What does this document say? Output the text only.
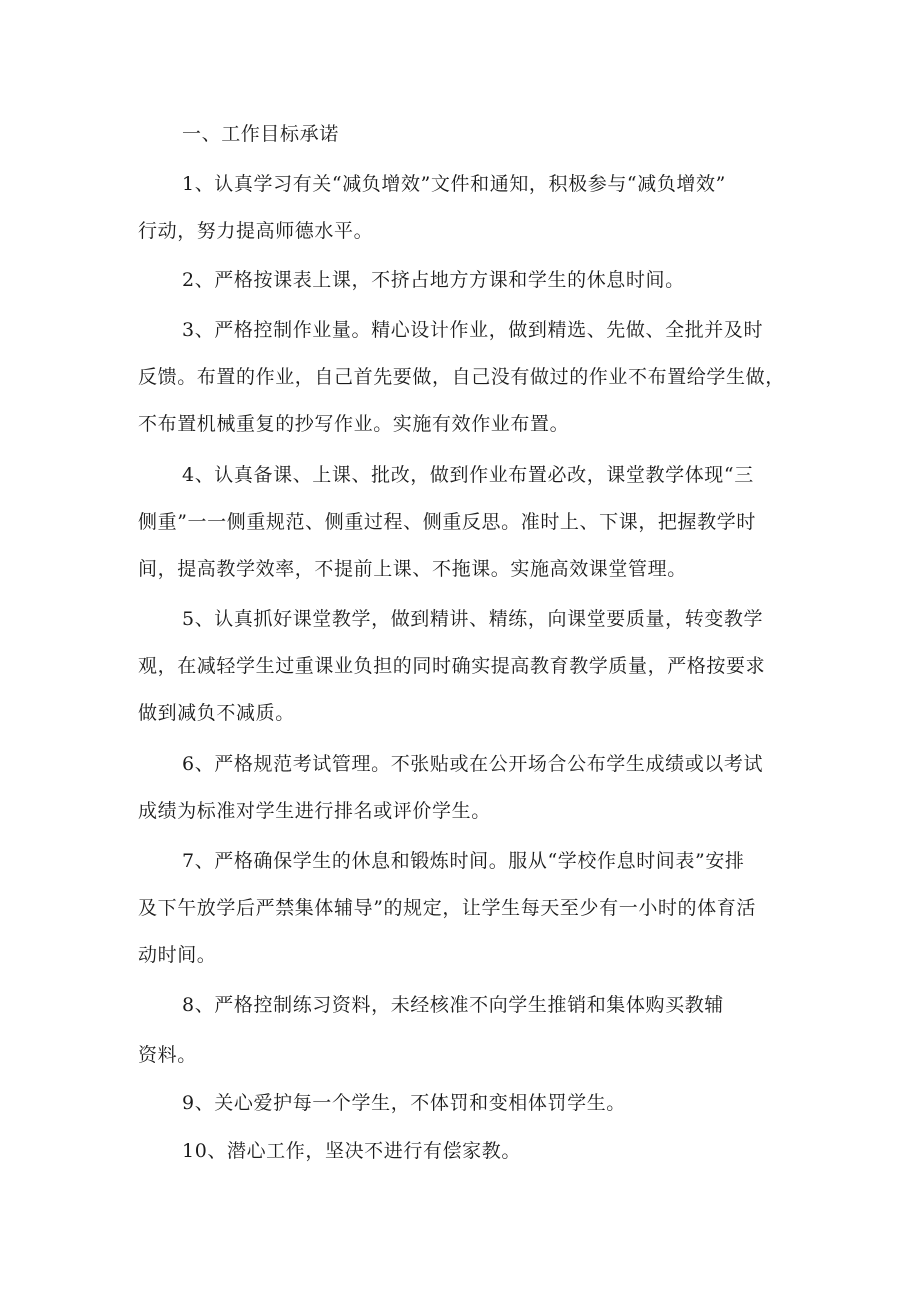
一、工作目标承诺
1、认真学习有关“减负增效”文件和通知，积极参与“减负增效”
行动，努力提高师德水平。
2、严格按课表上课，不挤占地方方课和学生的休息时间。
3、严格控制作业量。精心设计作业，做到精选、先做、全批并及时
反馈。布置的作业，自己首先要做，自己没有做过的作业不布置给学生做，
不布置机械重复的抄写作业。实施有效作业布置。
4、认真备课、上课、批改，做到作业布置必改，课堂教学体现“三
侧重”一一侧重规范、侧重过程、侧重反思。准时上、下课，把握教学时
间，提高教学效率，不提前上课、不拖课。实施高效课堂管理。
5、认真抓好课堂教学，做到精讲、精练，向课堂要质量，转变教学
观，在减轻学生过重课业负担的同时确实提高教育教学质量，严格按要求
做到减负不减质。
6、严格规范考试管理。不张贴或在公开场合公布学生成绩或以考试
成绩为标准对学生进行排名或评价学生。
7、严格确保学生的休息和锻炼时间。服从“学校作息时间表”安排
及下午放学后严禁集体辅导”的规定，让学生每天至少有一小时的体育活
动时间。
8、严格控制练习资料，未经核准不向学生推销和集体购买教辅
资料。
9、关心爱护每一个学生，不体罚和变相体罚学生。
10、潜心工作，坚决不进行有偿家教。
